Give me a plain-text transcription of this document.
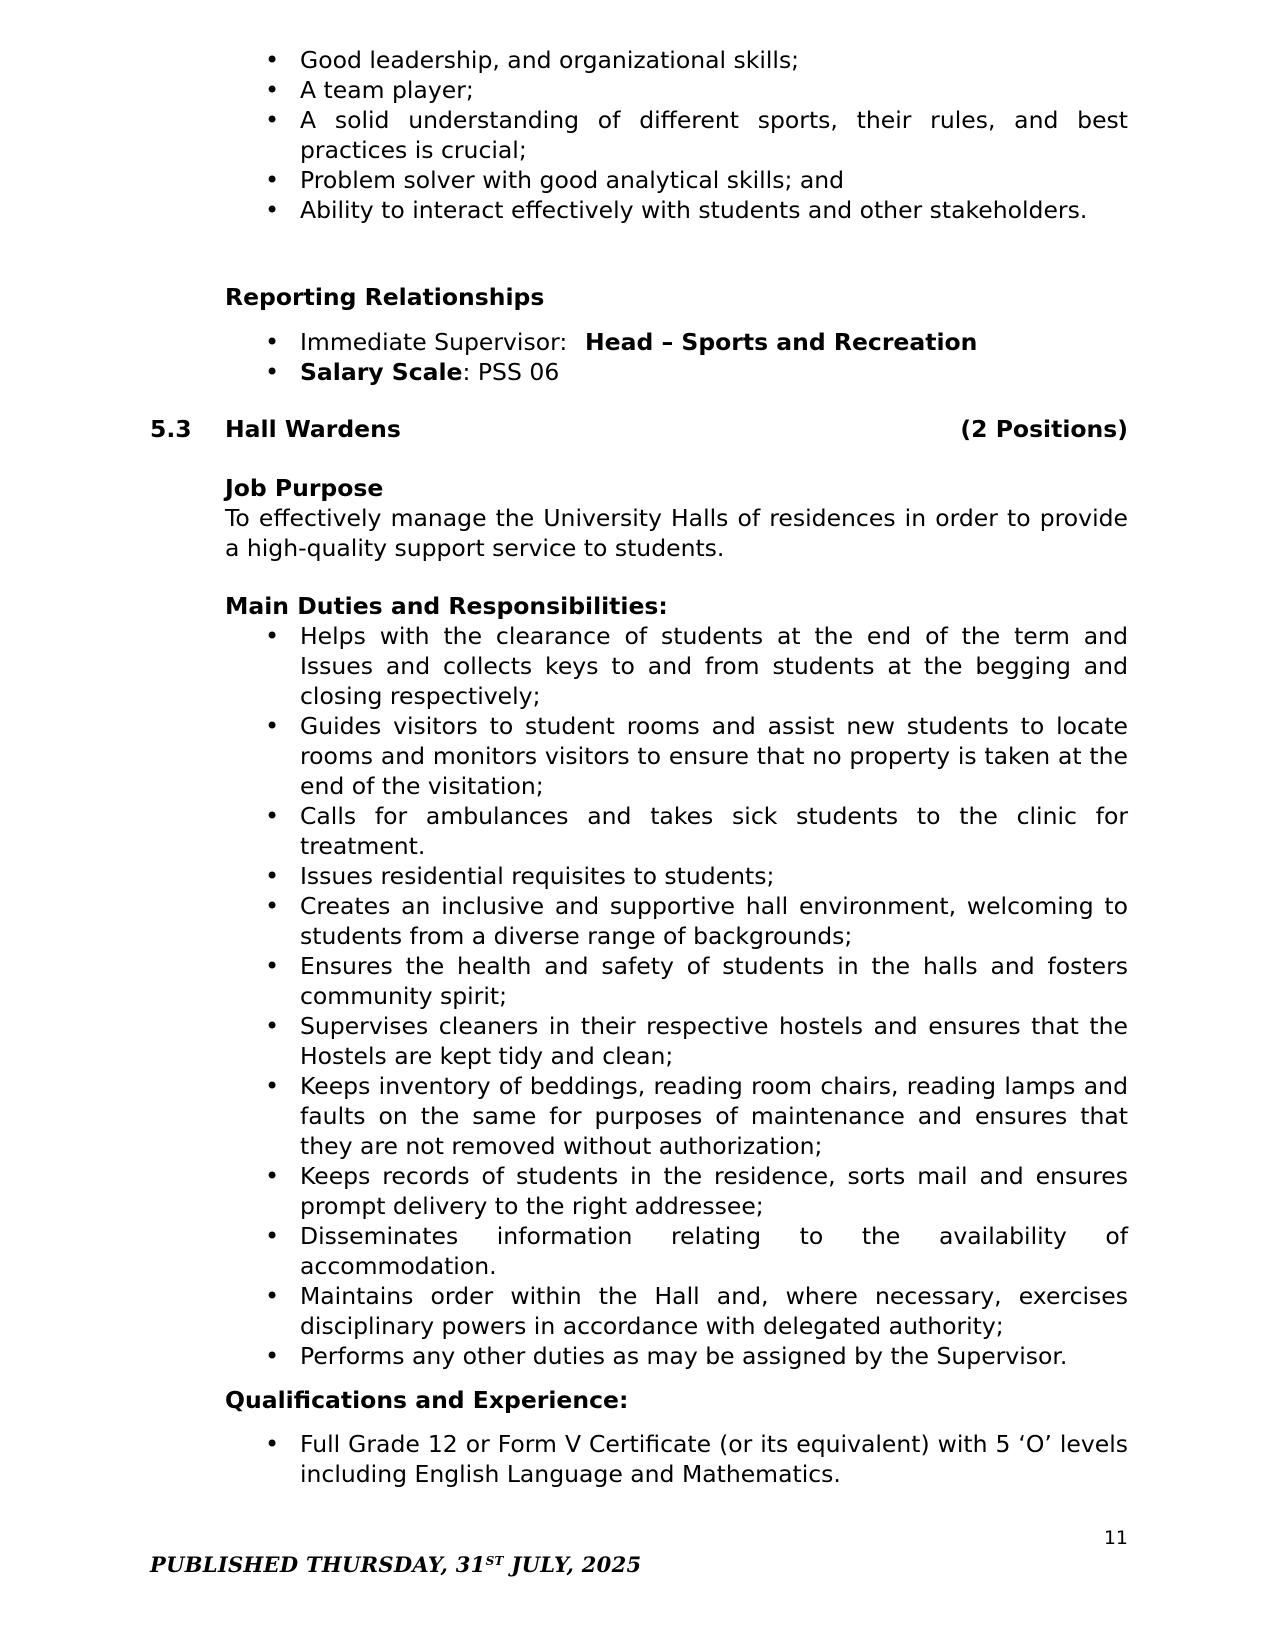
• Good leadership, and organizational skills;
• A team player;
• A solid understanding of different sports, their rules, and best practices is crucial;
• Problem solver with good analytical skills; and
• Ability to interact effectively with students and other stakeholders.

Reporting Relationships

• Immediate Supervisor: Head – Sports and Recreation
• Salary Scale: PSS 06
5.3 Hall Wardens	(2 Positions)

Job Purpose

To effectively manage the University Halls of residences in order to provide a high-quality support service to students.

Main Duties and Responsibilities:

• Helps with the clearance of students at the end of the term and Issues and collects keys to and from students at the begging and closing respectively;
• Guides visitors to student rooms and assist new students to locate rooms and monitors visitors to ensure that no property is taken at the end of the visitation;
• Calls for ambulances and takes sick students to the clinic for treatment.
• Issues residential requisites to students;
• Creates an inclusive and supportive hall environment, welcoming to students from a diverse range of backgrounds;
• Ensures the health and safety of students in the halls and fosters community spirit;
• Supervises cleaners in their respective hostels and ensures that the Hostels are kept tidy and clean;
• Keeps inventory of beddings, reading room chairs, reading lamps and faults on the same for purposes of maintenance and ensures that they are not removed without authorization;
• Keeps records of students in the residence, sorts mail and ensures prompt delivery to the right addressee;
• Disseminates information relating to the availability of accommodation.
• Maintains order within the Hall and, where necessary, exercises disciplinary powers in accordance with delegated authority;
• Performs any other duties as may be assigned by the Supervisor.

Qualifications and Experience:

• Full Grade 12 or Form V Certificate (or its equivalent) with 5 ‘O’ levels including English Language and Mathematics.
11
PUBLISHED THURSDAY, 31ST JULY, 2025
